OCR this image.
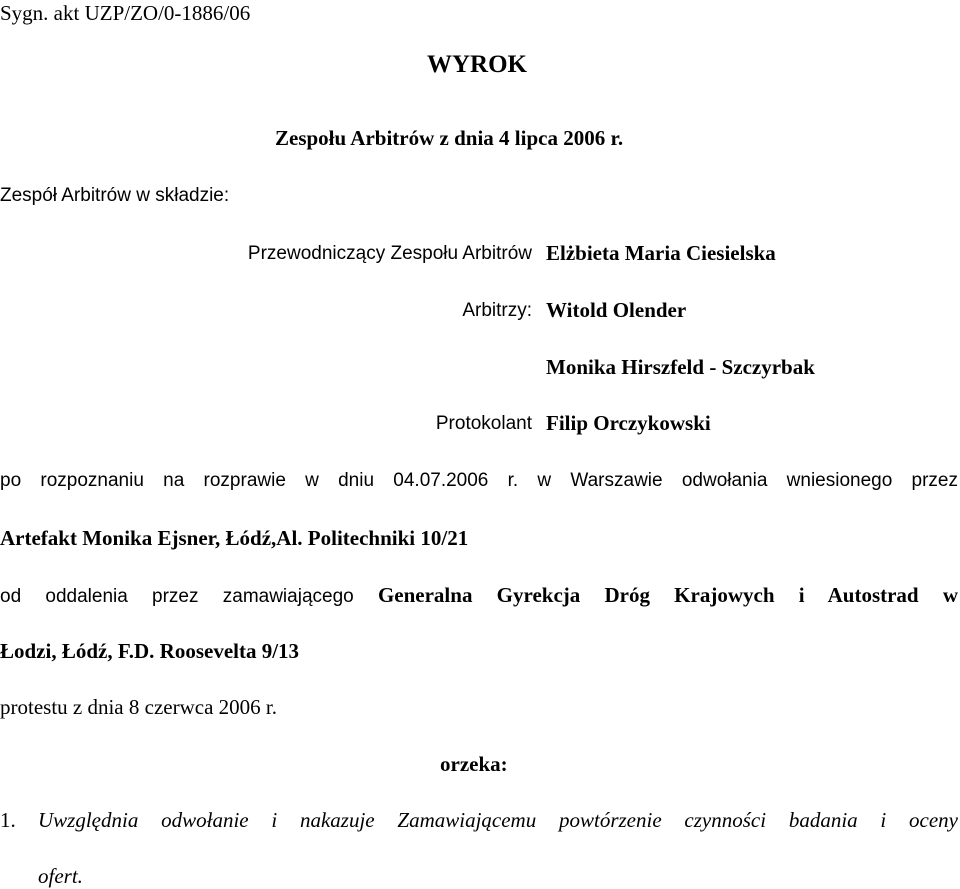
Sygn. akt UZP/ZO/0-1886/06
WYROK
Zespołu Arbitrów z dnia 4 lipca 2006 r.
Zespół Arbitrów w składzie:
Przewodniczący Zespołu Arbitrów Elżbieta Maria Ciesielska
Arbitrzy: Witold Olender
Monika Hirszfeld - Szczyrbak
Protokolant Filip Orczykowski
po rozpoznaniu na rozprawie w dniu 04.07.2006 r. w Warszawie odwołania wniesionego przez
Artefakt Monika Ejsner, Łódź,Al. Politechniki 10/21
od oddalenia przez zamawiającego Generalna Gyrekcja Dróg Krajowych i Autostrad w
Łodzi, Łódź, F.D. Roosevelta 9/13
protestu z dnia 8 czerwca 2006 r.
orzeka:
1. Uwzględnia odwołanie i nakazuje Zamawiającemu powtórzenie czynności badania i oceny
ofert.
